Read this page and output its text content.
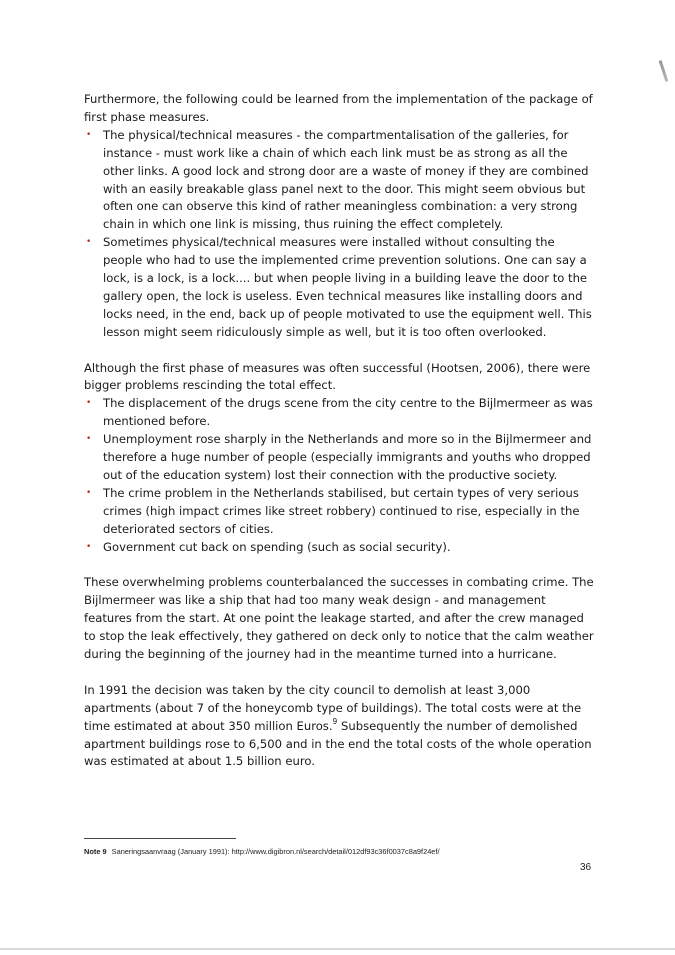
Furthermore, the following could be learned from the implementation of the package of first phase measures.

• The physical/technical measures - the compartmentalisation of the galleries, for instance - must work like a chain of which each link must be as strong as all the other links. A good lock and strong door are a waste of money if they are combined with an easily breakable glass panel next to the door. This might seem obvious but often one can observe this kind of rather meaningless combination: a very strong chain in which one link is missing, thus ruining the effect completely.
• Sometimes physical/technical measures were installed without consulting the people who had to use the implemented crime prevention solutions. One can say a lock, is a lock, is a lock.... but when people living in a building leave the door to the gallery open, the lock is useless. Even technical measures like installing doors and locks need, in the end, back up of people motivated to use the equipment well. This lesson might seem ridiculously simple as well, but it is too often overlooked.

Although the first phase of measures was often successful (Hootsen, 2006), there were bigger problems rescinding the total effect.

• The displacement of the drugs scene from the city centre to the Bijlmermeer as was mentioned before.
• Unemployment rose sharply in the Netherlands and more so in the Bijlmermeer and therefore a huge number of people (especially immigrants and youths who dropped out of the education system) lost their connection with the productive society.
• The crime problem in the Netherlands stabilised, but certain types of very serious crimes (high impact crimes like street robbery) continued to rise, especially in the deteriorated sectors of cities.
• Government cut back on spending (such as social security).

These overwhelming problems counterbalanced the successes in combating crime. The Bijlmermeer was like a ship that had too many weak design - and management features from the start. At one point the leakage started, and after the crew managed to stop the leak effectively, they gathered on deck only to notice that the calm weather during the beginning of the journey had in the meantime turned into a hurricane.

In 1991 the decision was taken by the city council to demolish at least 3,000 apartments (about 7 of the honeycomb type of buildings). The total costs were at the time estimated at about 350 million Euros.$^9$ Subsequently the number of demolished apartment buildings rose to 6,500 and in the end the total costs of the whole operation was estimated at about 1.5 billion euro.

Note 9 Saneringsaanvraag (January 1991): http://www.digibron.nl/search/detail/012df93c36f0037c8a9f24ef/
36
